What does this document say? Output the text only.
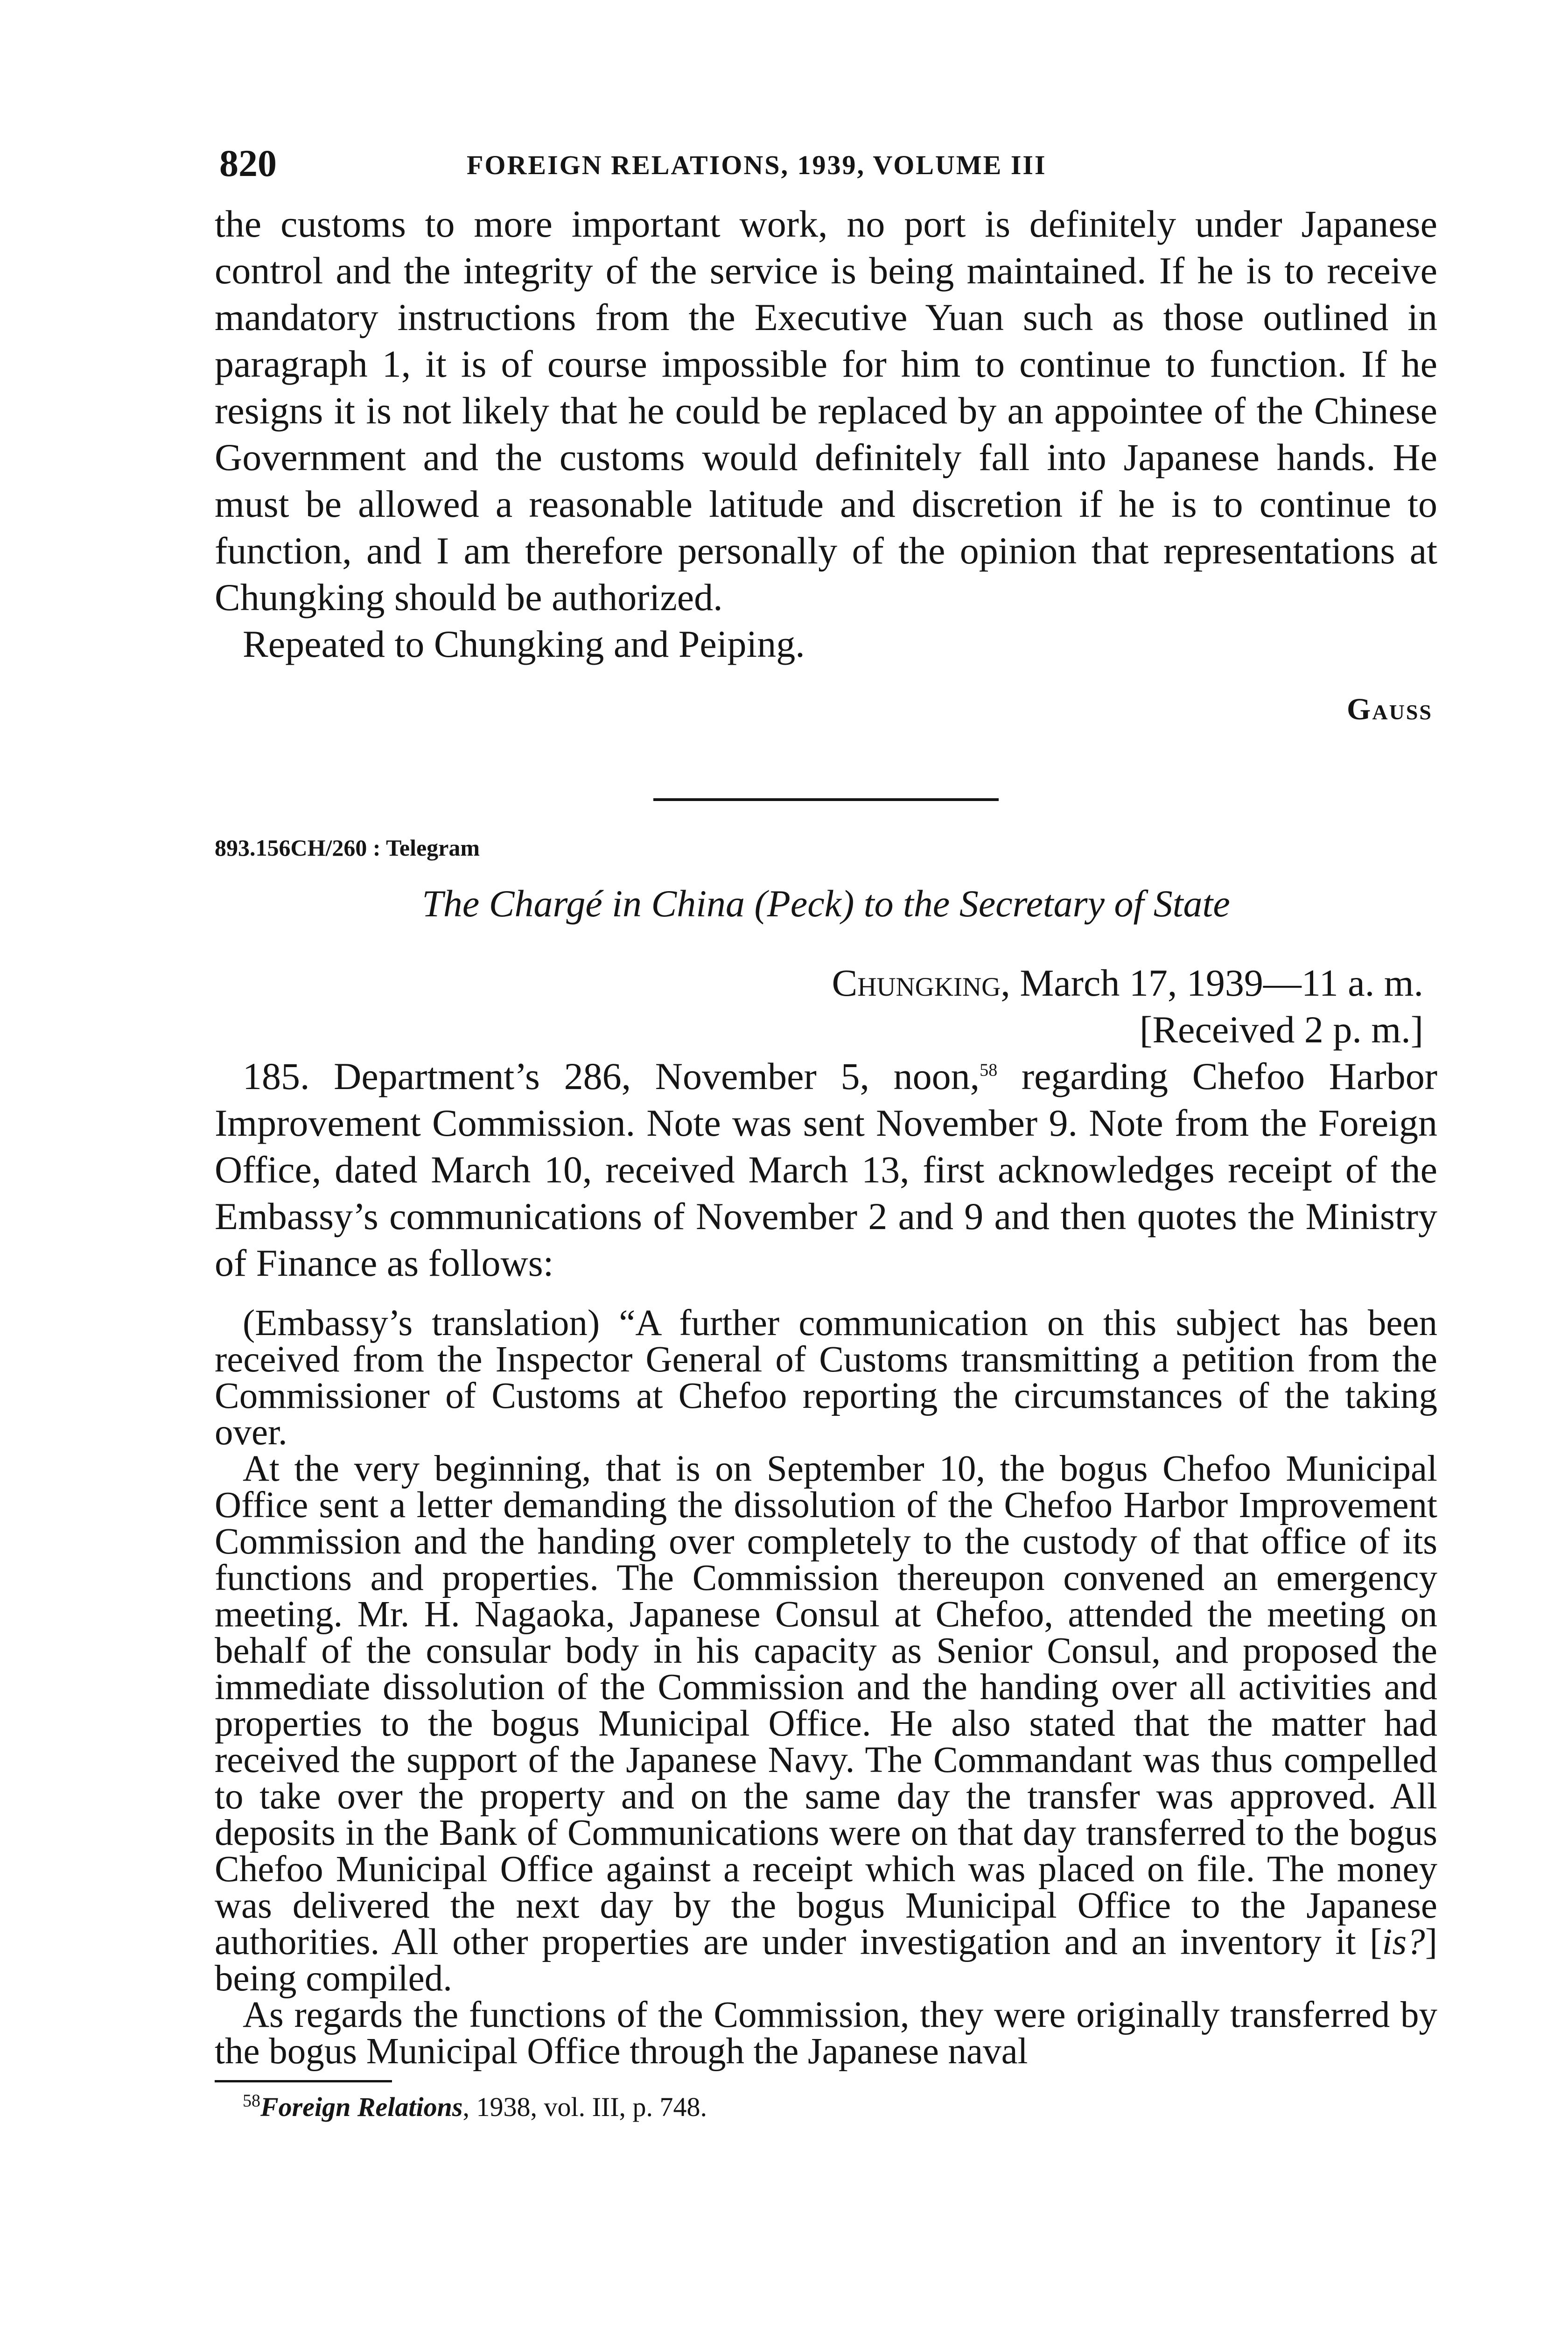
820	FOREIGN RELATIONS, 1939, VOLUME III

the customs to more important work, no port is definitely under Japanese control and the integrity of the service is being maintained. If he is to receive mandatory instructions from the Executive Yuan such as those outlined in paragraph 1, it is of course impossible for him to continue to function. If he resigns it is not likely that he could be replaced by an appointee of the Chinese Government and the customs would definitely fall into Japanese hands. He must be allowed a reasonable latitude and discretion if he is to continue to function, and I am therefore personally of the opinion that representations at Chungking should be authorized.

Repeated to Chungking and Peiping.

Gauss
893.156CH/260 : Telegram
The Chargé in China (Peck) to the Secretary of State
Chungking, March 17, 1939—11 a. m.
[Received 2 p. m.]

185. Department’s 286, November 5, noon,$^{58}$ regarding Chefoo Harbor Improvement Commission. Note was sent November 9. Note from the Foreign Office, dated March 10, received March 13, first acknowledges receipt of the Embassy’s communications of November 2 and 9 and then quotes the Ministry of Finance as follows:

(Embassy’s translation) “A further communication on this subject has been received from the Inspector General of Customs transmitting a petition from the Commissioner of Customs at Chefoo reporting the circumstances of the taking over.

At the very beginning, that is on September 10, the bogus Chefoo Municipal Office sent a letter demanding the dissolution of the Chefoo Harbor Improvement Commission and the handing over completely to the custody of that office of its functions and properties. The Commission thereupon convened an emergency meeting. Mr. H. Nagaoka, Japanese Consul at Chefoo, attended the meeting on behalf of the consular body in his capacity as Senior Consul, and proposed the immediate dissolution of the Commission and the handing over all activities and properties to the bogus Municipal Office. He also stated that the matter had received the support of the Japanese Navy. The Commandant was thus compelled to take over the property and on the same day the transfer was approved. All deposits in the Bank of Communications were on that day transferred to the bogus Chefoo Municipal Office against a receipt which was placed on file. The money was delivered the next day by the bogus Municipal Office to the Japanese authorities. All other properties are under investigation and an inventory it [is?] being compiled.

As regards the functions of the Commission, they were originally transferred by the bogus Municipal Office through the Japanese naval

$^{58}$Foreign Relations, 1938, vol. III, p. 748.
